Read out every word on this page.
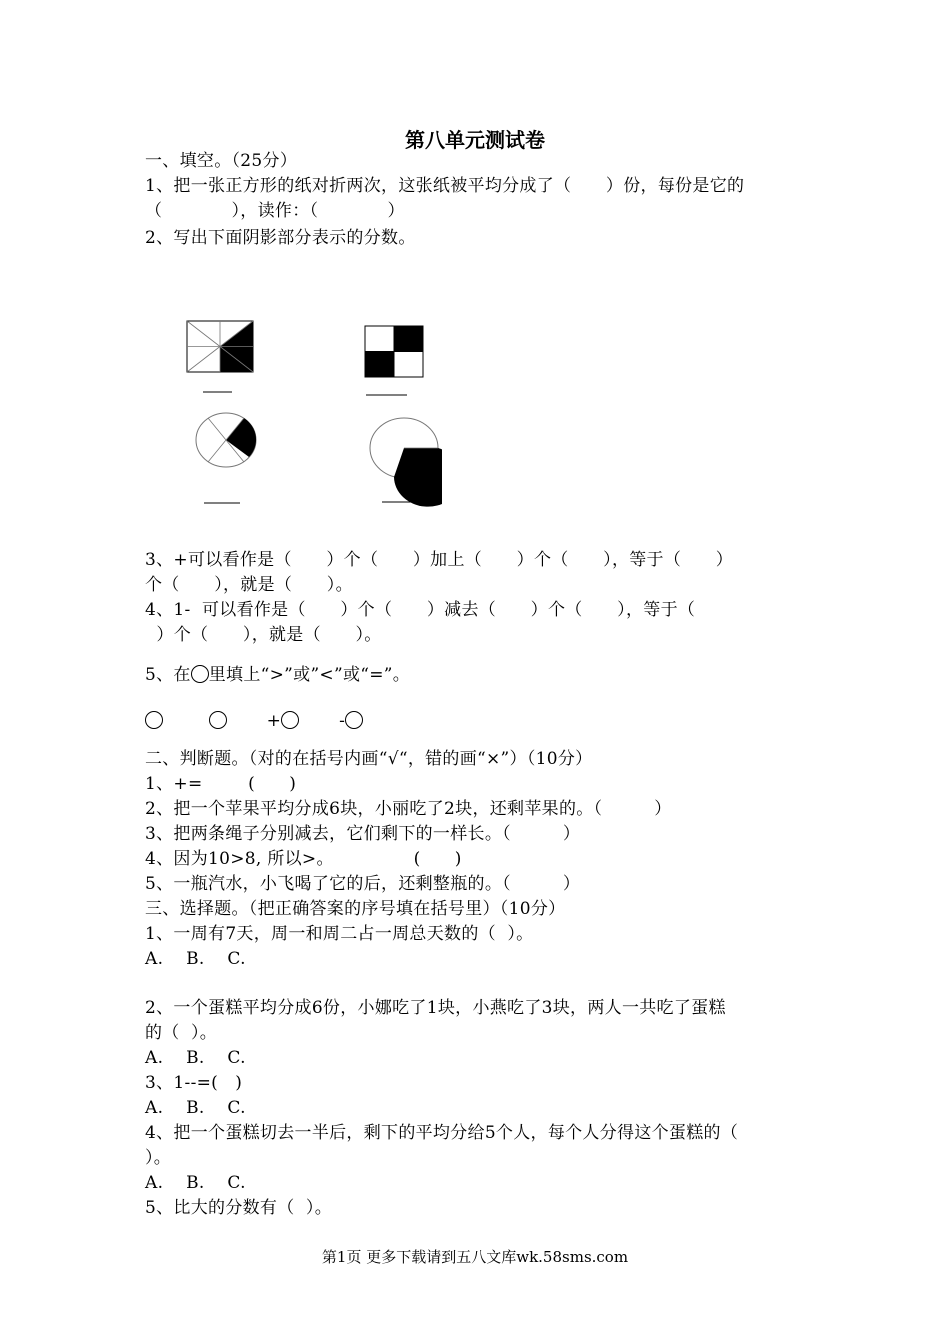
第八单元测试卷
一、填空。（25分）
1、把一张正方形的纸对折两次，这张纸被平均分成了（　　）份，每份是它的
（　　　　），读作：（　　　　）
2、写出下面阴影部分表示的分数。
3、+可以看作是（　　）个（　　）加上（　　）个（　　），等于（　　）
个（　　），就是（　　）。
4、1-  可以看作是（　　）个（　　）减去（　　）个（　　），等于（
）个（　　），就是（　　）。
5、在 里填上“>”或”<”或“=”。
+	-
二、判断题。（对的在括号内画“√“，错的画“×”）（10分）
1、+=        (      )
2、把一个苹果平均分成6块，小丽吃了2块，还剩苹果的。（　　　）
3、把两条绳子分别减去，它们剩下的一样长。（　　　）
4、因为10>8, 所以>。              (      )
5、一瓶汽水，小飞喝了它的后，还剩整瓶的。（　　　）
三、选择题。（把正确答案的序号填在括号里）（10分）
1、一周有7天，周一和周二占一周总天数的（  ）。
A.    B.    C.
2、一个蛋糕平均分成6份，小娜吃了1块，小燕吃了3块，两人一共吃了蛋糕
的（  ）。
A.    B.    C.
3、1--=(   )
A.    B.    C.
4、把一个蛋糕切去一半后，剩下的平均分给5个人，每个人分得这个蛋糕的（
）。
A.    B.    C.
5、比大的分数有（  ）。
第1页 更多下载请到五八文库wk.58sms.com
